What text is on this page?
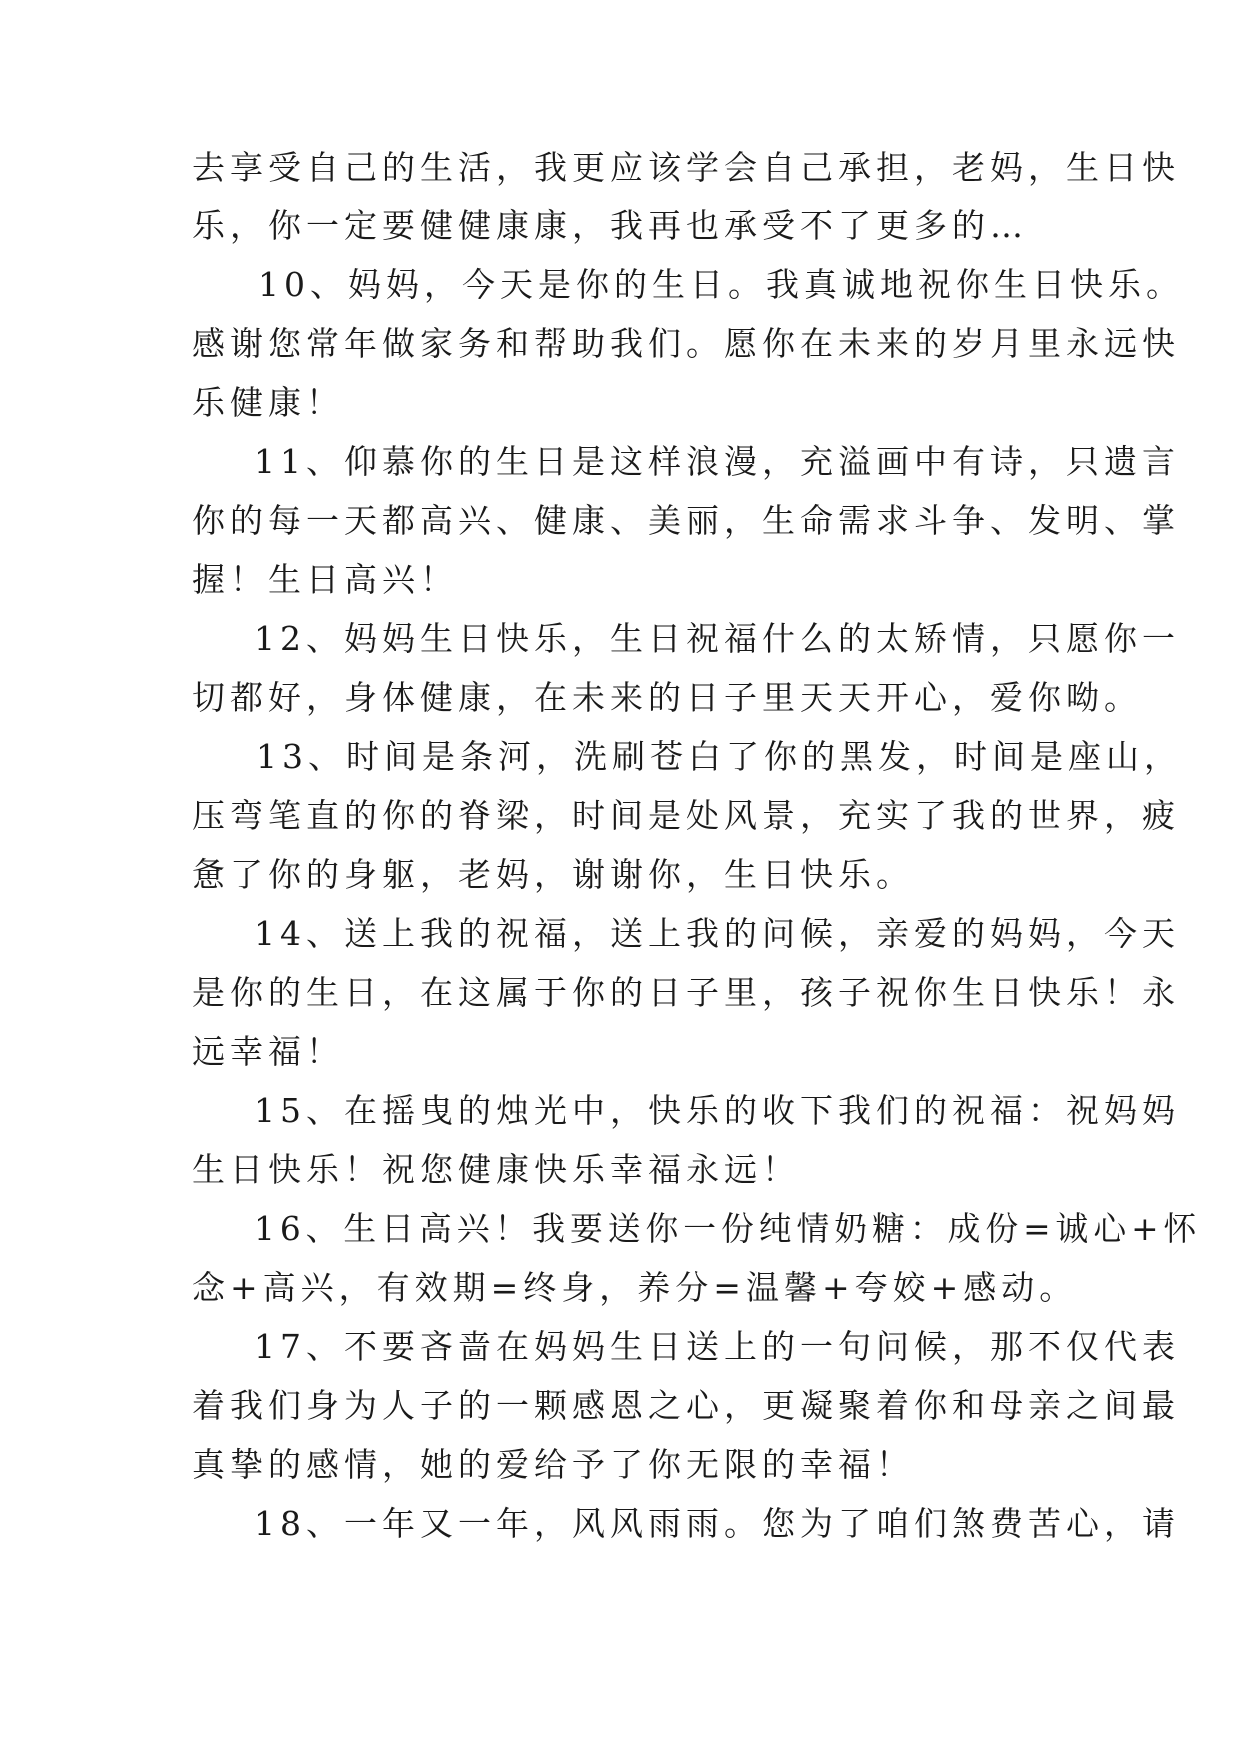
去享受自己的生活，我更应该学会自己承担，老妈，生日快
乐，你一定要健健康康，我再也承受不了更多的…
10、妈妈，今天是你的生日。我真诚地祝你生日快乐。
感谢您常年做家务和帮助我们。愿你在未来的岁月里永远快
乐健康！
11、仰慕你的生日是这样浪漫，充溢画中有诗，只遗言
你的每一天都高兴、健康、美丽，生命需求斗争、发明、掌
握！生日高兴！
12、妈妈生日快乐，生日祝福什么的太矫情，只愿你一
切都好，身体健康，在未来的日子里天天开心，爱你呦。
13、时间是条河，洗刷苍白了你的黑发，时间是座山，
压弯笔直的你的脊梁，时间是处风景，充实了我的世界，疲
惫了你的身躯，老妈，谢谢你，生日快乐。
14、送上我的祝福，送上我的问候，亲爱的妈妈，今天
是你的生日，在这属于你的日子里，孩子祝你生日快乐！永
远幸福！
15、在摇曳的烛光中，快乐的收下我们的祝福：祝妈妈
生日快乐！祝您健康快乐幸福永远！
16、生日高兴！我要送你一份纯情奶糖：成份=诚心+怀
念+高兴，有效期=终身，养分=温馨+夸姣+感动。
17、不要吝啬在妈妈生日送上的一句问候，那不仅代表
着我们身为人子的一颗感恩之心，更凝聚着你和母亲之间最
真挚的感情，她的爱给予了你无限的幸福！
18、一年又一年，风风雨雨。您为了咱们煞费苦心，请
